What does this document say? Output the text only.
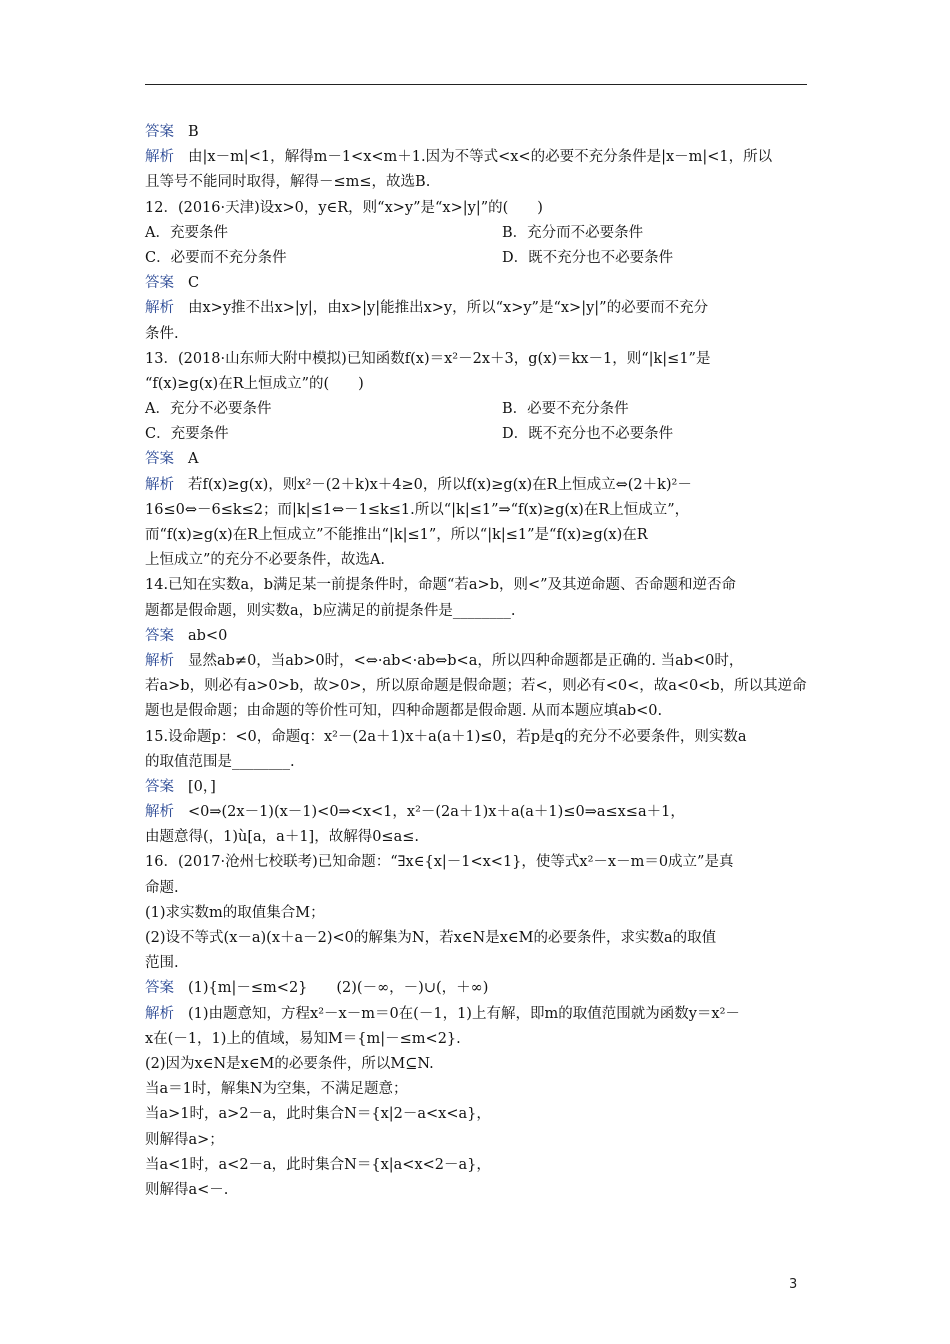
答案 B
解析 由|x－m|<1，解得m－1<x<m＋1.因为不等式<x<的必要不充分条件是|x－m|<1，所以
且等号不能同时取得，解得－≤m≤，故选B.
12．(2016·天津)设x>0，y∈R，则“x>y”是“x>|y|”的(　　)
A．充要条件	B．充分而不必要条件
C．必要而不充分条件	D．既不充分也不必要条件
答案 C
解析 由x>y推不出x>|y|，由x>|y|能推出x>y，所以“x>y”是“x>|y|”的必要而不充分
条件.
13．(2018·山东师大附中模拟)已知函数f(x)＝x²－2x＋3，g(x)＝kx－1，则“|k|≤1”是
“f(x)≥g(x)在R上恒成立”的(　　)
A．充分不必要条件	B．必要不充分条件
C．充要条件	D．既不充分也不必要条件
答案 A
解析 若f(x)≥g(x)，则x²－(2＋k)x＋4≥0，所以f(x)≥g(x)在R上恒成立⇔(2＋k)²－
16≤0⇔－6≤k≤2；而|k|≤1⇔－1≤k≤1.所以“|k|≤1”⇒“f(x)≥g(x)在R上恒成立”，
而“f(x)≥g(x)在R上恒成立”不能推出“|k|≤1”，所以“|k|≤1”是“f(x)≥g(x)在R
上恒成立”的充分不必要条件，故选A.
14.已知在实数a，b满足某一前提条件时，命题“若a>b，则<”及其逆命题、否命题和逆否命
题都是假命题，则实数a，b应满足的前提条件是________.
答案 ab<0
解析 显然ab≠0，当ab>0时，<⇔·ab<·ab⇔b<a，所以四种命题都是正确的. 当ab<0时，
若a>b，则必有a>0>b，故>0>，所以原命题是假命题；若<，则必有<0<，故a<0<b，所以其逆命
题也是假命题；由命题的等价性可知，四种命题都是假命题. 从而本题应填ab<0.
15.设命题p：<0，命题q：x²－(2a＋1)x＋a(a＋1)≤0，若p是q的充分不必要条件，则实数a
的取值范围是________.
答案 [0，]
解析 <0⇒(2x－1)(x－1)<0⇒<x<1，x²－(2a＋1)x＋a(a＋1)≤0⇒a≤x≤a＋1，
由题意得(，1)ù[a，a＋1]，故解得0≤a≤.
16．(2017·沧州七校联考)已知命题：“∃x∈{x|－1<x<1}，使等式x²－x－m＝0成立”是真
命题.
(1)求实数m的取值集合M；
(2)设不等式(x－a)(x＋a－2)<0的解集为N，若x∈N是x∈M的必要条件，求实数a的取值
范围.
答案 (1){m|－≤m<2}　　(2)(－∞，－)∪(，＋∞)
解析 (1)由题意知，方程x²－x－m＝0在(－1，1)上有解，即m的取值范围就为函数y＝x²－
x在(－1，1)上的值域，易知M＝{m|－≤m<2}.
(2)因为x∈N是x∈M的必要条件，所以M⊆N.
当a＝1时，解集N为空集，不满足题意；
当a>1时，a>2－a，此时集合N＝{x|2－a<x<a}，
则解得a>；
当a<1时，a<2－a，此时集合N＝{x|a<x<2－a}，
则解得a<－.
3
